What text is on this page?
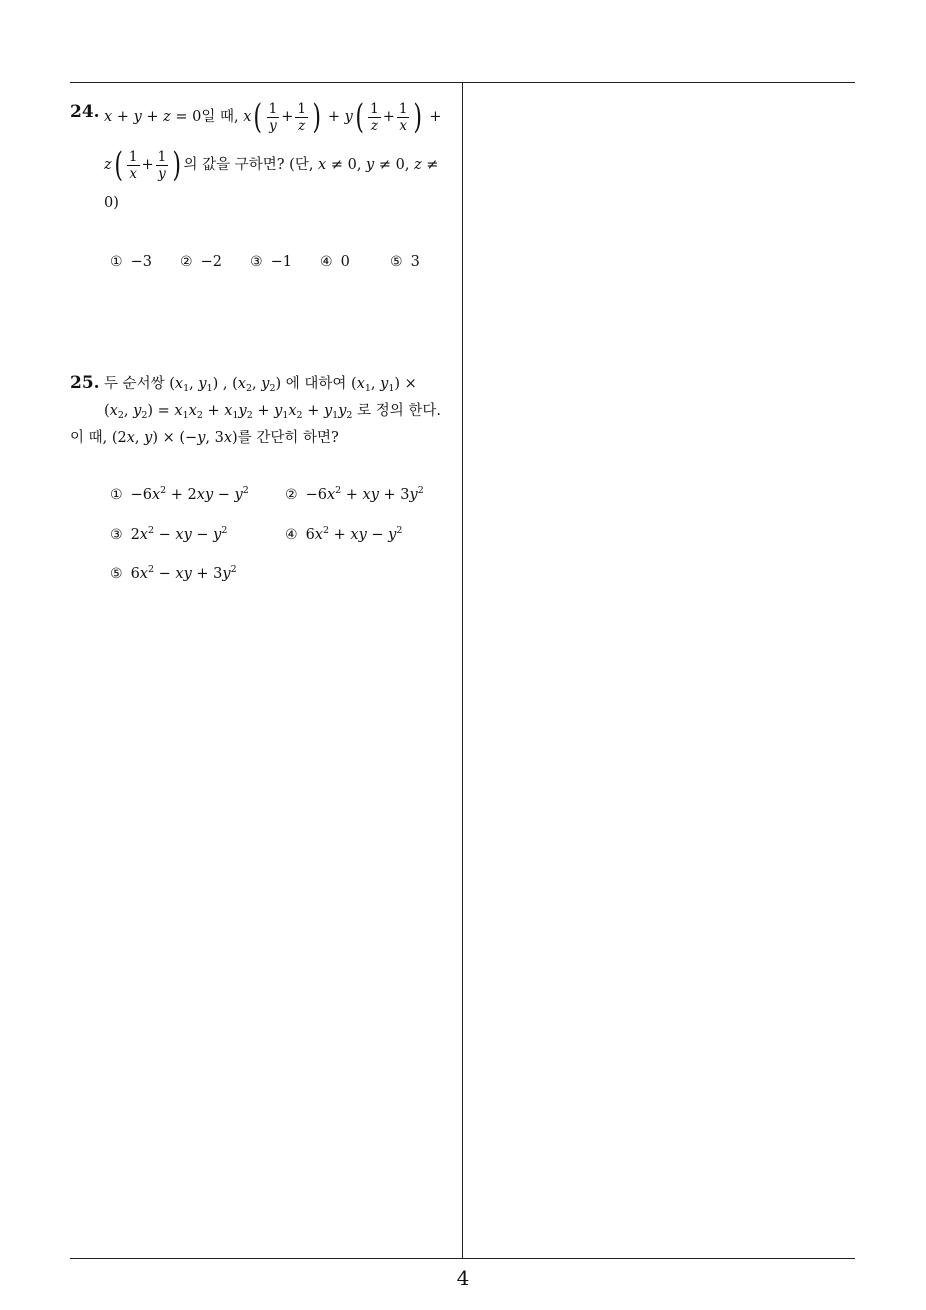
24. x + y + z = 0일 때, $x( \frac{1}{y} + \frac{1}{z}$ ) + $y( \frac{1}{z} + \frac{1}{x}$ ) +
$z( \frac{1}{x} + \frac{1}{y}$ ) 의 값을 구하면? (단, x ≠ 0, y ≠ 0, z ≠
0)
① −3 ② −2 ③ −1 ④ 0	⑤ 3
25. 두 순서쌍 ($x_1$, $y_1$) , ($x_2$, $y_2$) 에 대하여 ($x_1$, $y_1$) ×
($x_2$, $y_2) = x_1x_2 + x_1y_2 + y_1x_2 + y_1y_2$ 로 정의 한다.
이 때, (2x, y) × (−y, 3x)를 간단히 하면?
① $-6x^2 + 2xy - y^2$	② $-6x^2$ + xy + $3y^2$
③ $2x^2$ − xy − $y^2$	④ $6x^2$ + xy − $y^2$
⑤ $6x^2$ − xy + $3y^2$
4
